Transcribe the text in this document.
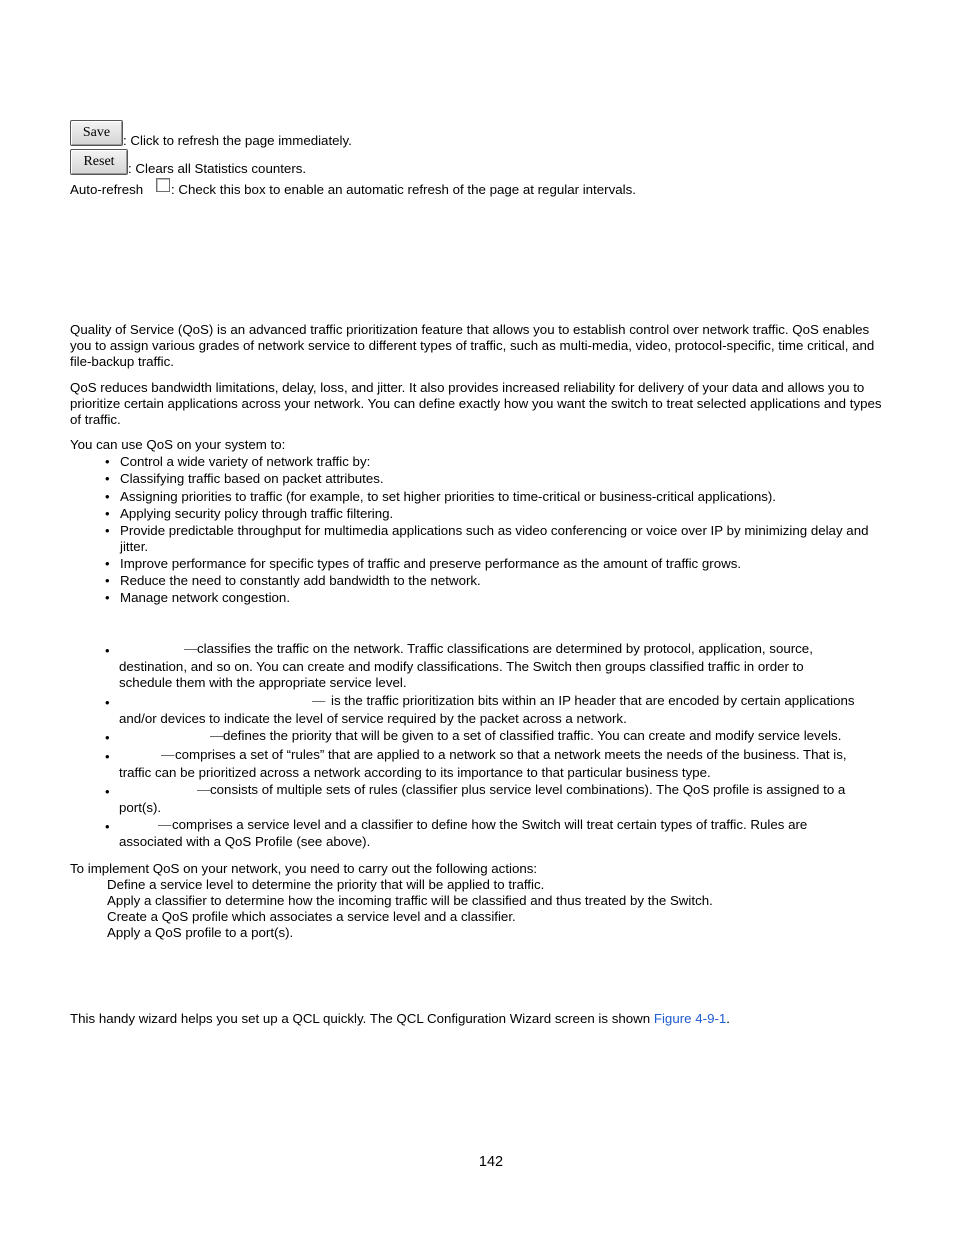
Save
: Click to refresh the page immediately.
Reset	: Clears all Statistics counters.
Auto-refresh : Check this box to enable an automatic refresh of the page at regular intervals.
Quality of Service (QoS) is an advanced traffic prioritization feature that allows you to establish control over network traffic. QoS enables you to assign various grades of network service to different types of traffic, such as multi-media, video, protocol-specific, time critical, and file-backup traffic.
QoS reduces bandwidth limitations, delay, loss, and jitter. It also provides increased reliability for delivery of your data and allows you to prioritize certain applications across your network. You can define exactly how you want the switch to treat selected applications and types of traffic.
You can use QoS on your system to:
• Control a wide variety of network traffic by:
• Classifying traffic based on packet attributes.
• Assigning priorities to traffic (for example, to set higher priorities to time-critical or business-critical applications).
• Applying security policy through traffic filtering.
• Provide predictable throughput for multimedia applications such as video conferencing or voice over IP by minimizing delay and jitter.
• Improve performance for specific types of traffic and preserve performance as the amount of traffic grows.
• Reduce the need to constantly add bandwidth to the network.
• Manage network congestion.
•	— classifies the traffic on the network. Traffic classifications are determined by protocol, application, source,
destination, and so on. You can create and modify classifications. The Switch then groups classified traffic in order to schedule them with the appropriate service level.
•	— is the traffic prioritization bits within an IP header that are encoded by certain applications
and/or devices to indicate the level of service required by the packet across a network.
•	— defines the priority that will be given to a set of classified traffic. You can create and modify service levels.
•	— comprises a set of “rules” that are applied to a network so that a network meets the needs of the business. That is,
traffic can be prioritized across a network according to its importance to that particular business type.
•	— consists of multiple sets of rules (classifier plus service level combinations). The QoS profile is assigned to a
port(s).
•	— comprises a service level and a classifier to define how the Switch will treat certain types of traffic. Rules are
associated with a QoS Profile (see above).
To implement QoS on your network, you need to carry out the following actions:
Define a service level to determine the priority that will be applied to traffic.
Apply a classifier to determine how the incoming traffic will be classified and thus treated by the Switch.
Create a QoS profile which associates a service level and a classifier.
Apply a QoS profile to a port(s).
This handy wizard helps you set up a QCL quickly. The QCL Configuration Wizard screen is shown Figure 4-9-1.
142
